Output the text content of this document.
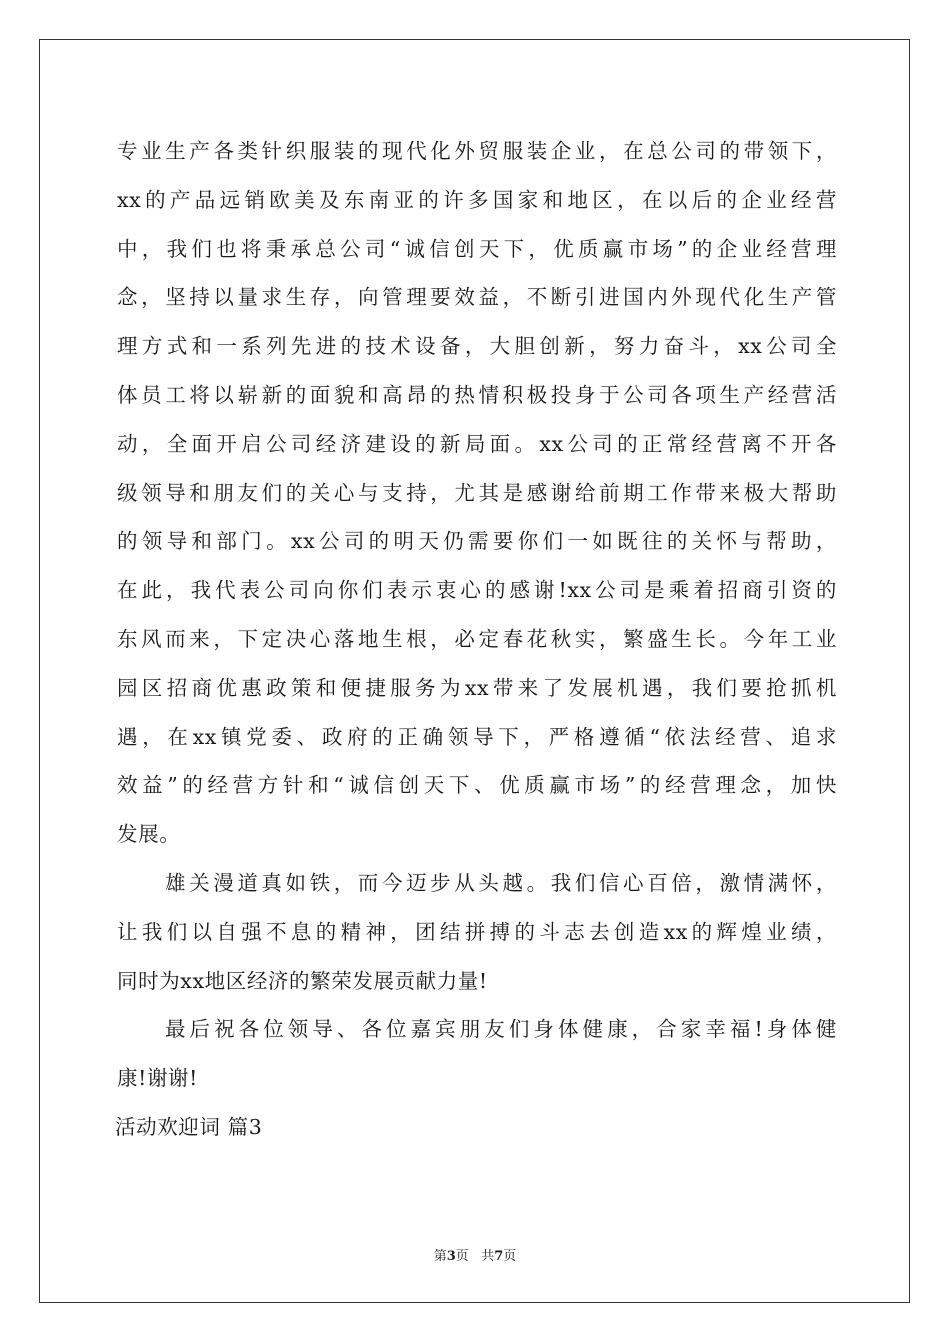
专业生产各类针织服装的现代化外贸服装企业，在总公司的带领下，
xx的产品远销欧美及东南亚的许多国家和地区，在以后的企业经营
中，我们也将秉承总公司“诚信创天下，优质赢市场”的企业经营理
念，坚持以量求生存，向管理要效益，不断引进国内外现代化生产管
理方式和一系列先进的技术设备，大胆创新，努力奋斗，xx公司全
体员工将以崭新的面貌和高昂的热情积极投身于公司各项生产经营活
动，全面开启公司经济建设的新局面。xx公司的正常经营离不开各
级领导和朋友们的关心与支持，尤其是感谢给前期工作带来极大帮助
的领导和部门。xx公司的明天仍需要你们一如既往的关怀与帮助，
在此，我代表公司向你们表示衷心的感谢!xx公司是乘着招商引资的
东风而来，下定决心落地生根，必定春花秋实，繁盛生长。今年工业
园区招商优惠政策和便捷服务为xx带来了发展机遇，我们要抢抓机
遇，在xx镇党委、政府的正确领导下，严格遵循“依法经营、追求
效益”的经营方针和“诚信创天下、优质赢市场”的经营理念，加快
发展。
雄关漫道真如铁，而今迈步从头越。我们信心百倍，激情满怀，
让我们以自强不息的精神，团结拼搏的斗志去创造xx的辉煌业绩，
同时为xx地区经济的繁荣发展贡献力量!
最后祝各位领导、各位嘉宾朋友们身体健康，合家幸福!身体健
康!谢谢!
活动欢迎词 篇3
第3页 共7页
